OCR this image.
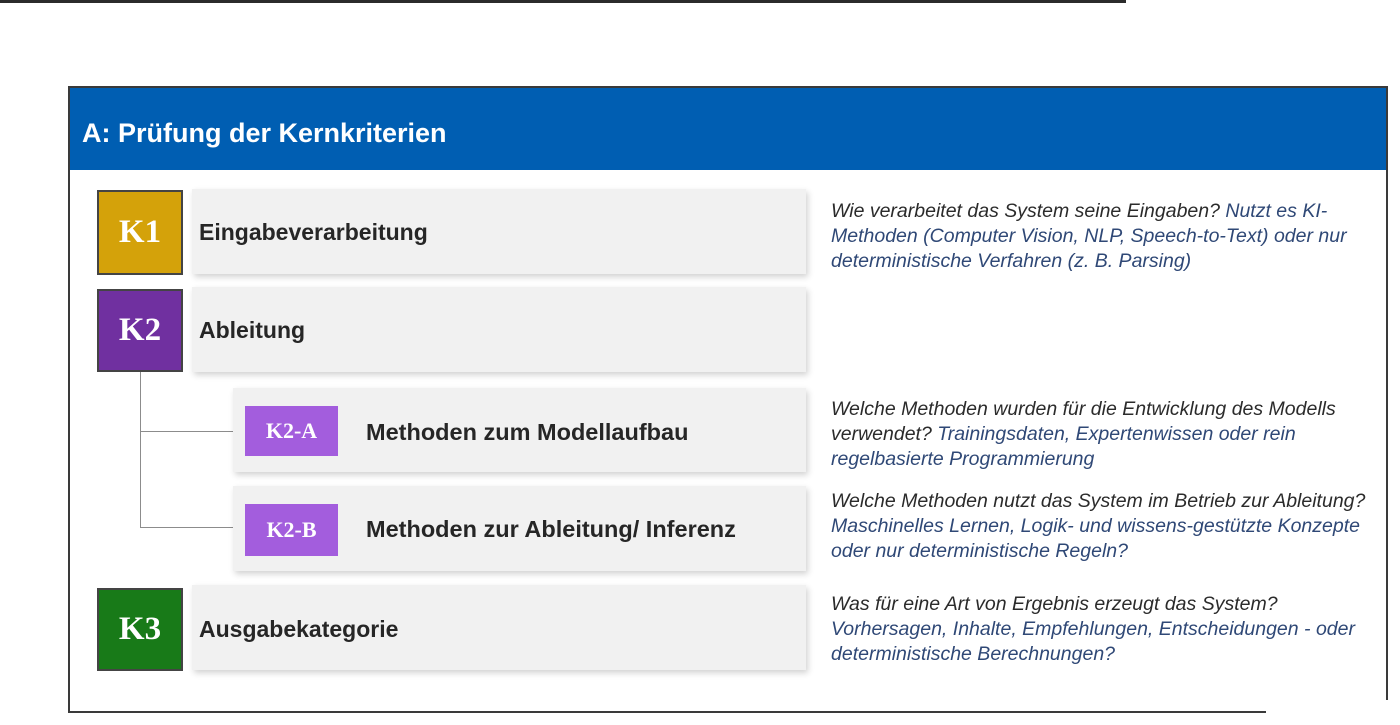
A: Prüfung der Kernkriterien
K1	Eingabeverarbeitung
Wie verarbeitet das System seine Eingaben? Nutzt es KI-Methoden (Computer Vision, NLP, Speech-to-Text) oder nur deterministische Verfahren (z. B. Parsing)
K2	Ableitung
K2-A	Methoden zum Modellaufbau
Welche Methoden wurden für die Entwicklung des Modells verwendet? Trainingsdaten, Expertenwissen oder rein regelbasierte Programmierung
K2-B	Methoden zur Ableitung/ Inferenz
Welche Methoden nutzt das System im Betrieb zur Ableitung? Maschinelles Lernen, Logik- und wissens-gestützte Konzepte oder nur deterministische Regeln?
K3	Ausgabekategorie
Was für eine Art von Ergebnis erzeugt das System? Vorhersagen, Inhalte, Empfehlungen, Entscheidungen - oder deterministische Berechnungen?
